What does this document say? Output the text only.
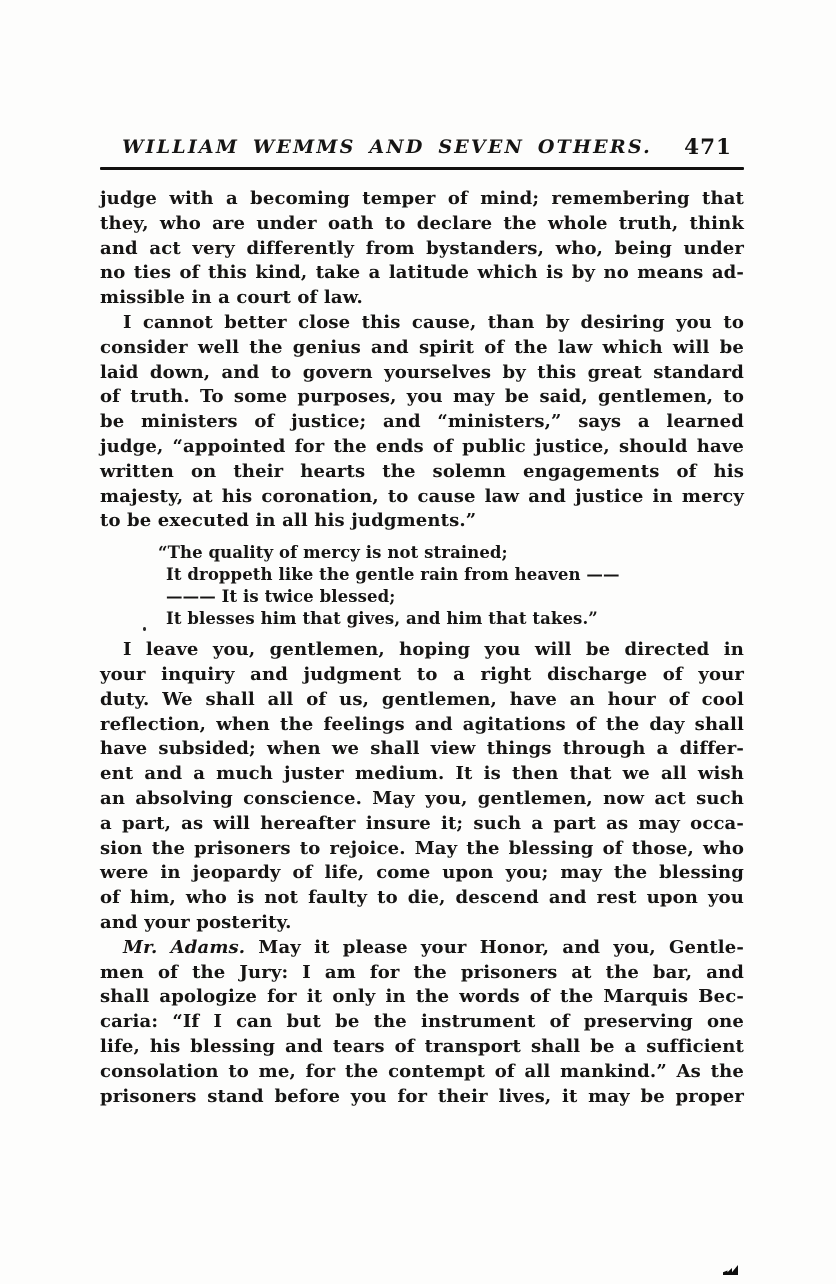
WILLIAM WEMMS AND SEVEN OTHERS.	471
judge with a becoming temper of mind; remembering that
they, who are under oath to declare the whole truth, think
and act very differently from bystanders, who, being under
no ties of this kind, take a latitude which is by no means ad-
missible in a court of law.
I cannot better close this cause, than by desiring you to
consider well the genius and spirit of the law which will be
laid down, and to govern yourselves by this great standard
of truth. To some purposes, you may be said, gentlemen, to
be ministers of justice; and “ministers,” says a learned
judge, “appointed for the ends of public justice, should have
written on their hearts the solemn engagements of his
majesty, at his coronation, to cause law and justice in mercy
to be executed in all his judgments.”
“The quality of mercy is not strained;
It droppeth like the gentle rain from heaven ——
——— It is twice blessed;
It blesses him that gives, and him that takes.”
I leave you, gentlemen, hoping you will be directed in
your inquiry and judgment to a right discharge of your
duty. We shall all of us, gentlemen, have an hour of cool
reflection, when the feelings and agitations of the day shall
have subsided; when we shall view things through a differ-
ent and a much juster medium. It is then that we all wish
an absolving conscience. May you, gentlemen, now act such
a part, as will hereafter insure it; such a part as may occa-
sion the prisoners to rejoice. May the blessing of those, who
were in jeopardy of life, come upon you; may the blessing
of him, who is not faulty to die, descend and rest upon you
and your posterity.
Mr. Adams. May it please your Honor, and you, Gentle-
men of the Jury: I am for the prisoners at the bar, and
shall apologize for it only in the words of the Marquis Bec-
caria: “If I can but be the instrument of preserving one
life, his blessing and tears of transport shall be a sufficient
consolation to me, for the contempt of all mankind.” As the
prisoners stand before you for their lives, it may be proper
